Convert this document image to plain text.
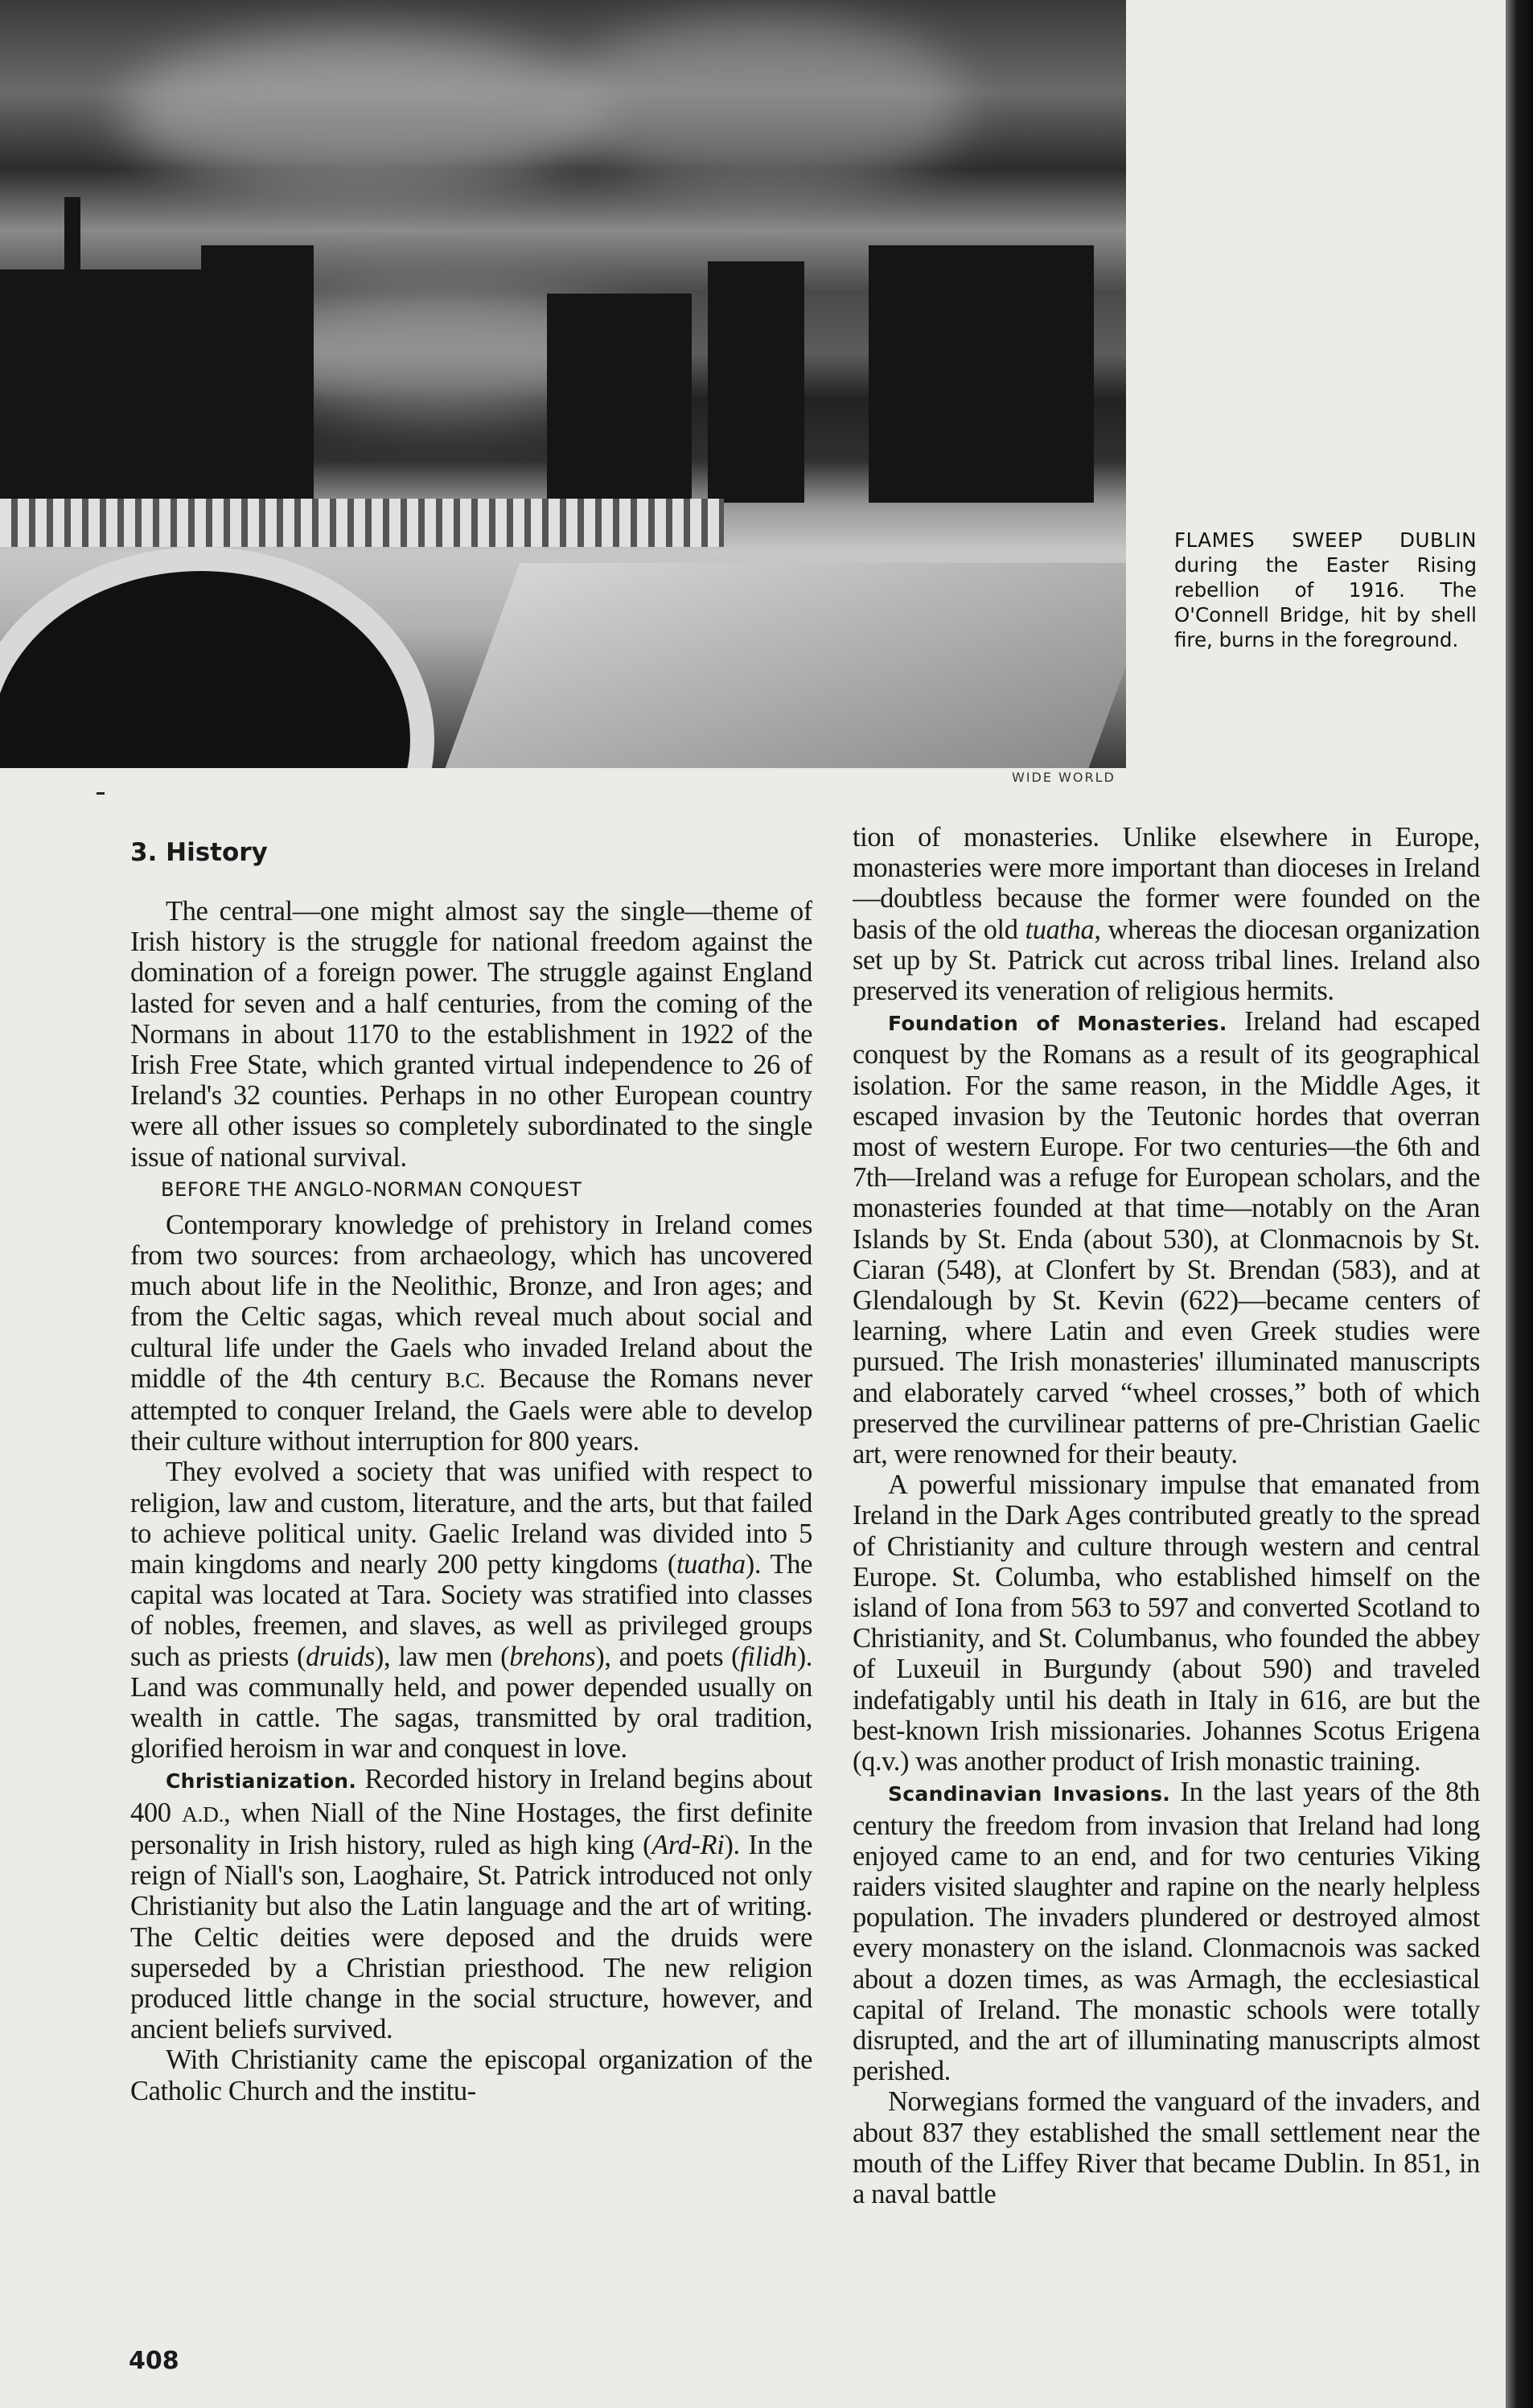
WIDE WORLD
FLAMES SWEEP DUBLIN during the Easter Rising rebellion of 1916. The O'Connell Bridge, hit by shell fire, burns in the foreground.
3. History

The central—one might almost say the single—theme of Irish history is the struggle for national freedom against the domination of a foreign power. The struggle against England lasted for seven and a half centuries, from the coming of the Normans in about 1170 to the establishment in 1922 of the Irish Free State, which granted virtual independence to 26 of Ireland's 32 counties. Perhaps in no other European country were all other issues so completely subordinated to the single issue of national survival.

BEFORE THE ANGLO-NORMAN CONQUEST

Contemporary knowledge of prehistory in Ireland comes from two sources: from archaeology, which has uncovered much about life in the Neolithic, Bronze, and Iron ages; and from the Celtic sagas, which reveal much about social and cultural life under the Gaels who invaded Ireland about the middle of the 4th century B.C. Because the Romans never attempted to conquer Ireland, the Gaels were able to develop their culture without interruption for 800 years.

They evolved a society that was unified with respect to religion, law and custom, literature, and the arts, but that failed to achieve political unity. Gaelic Ireland was divided into 5 main kingdoms and nearly 200 petty kingdoms (tuatha). The capital was located at Tara. Society was stratified into classes of nobles, freemen, and slaves, as well as privileged groups such as priests (druids), law men (brehons), and poets (filidh). Land was communally held, and power depended usually on wealth in cattle. The sagas, transmitted by oral tradition, glorified heroism in war and conquest in love.

Christianization. Recorded history in Ireland begins about 400 A.D., when Niall of the Nine Hostages, the first definite personality in Irish history, ruled as high king (Ard-Ri). In the reign of Niall's son, Laoghaire, St. Patrick introduced not only Christianity but also the Latin language and the art of writing. The Celtic deities were deposed and the druids were superseded by a Christian priesthood. The new religion produced little change in the social structure, however, and ancient beliefs survived.

With Christianity came the episcopal organization of the Catholic Church and the institu-

tion of monasteries. Unlike elsewhere in Europe, monasteries were more important than dioceses in Ireland—doubtless because the former were founded on the basis of the old tuatha, whereas the diocesan organization set up by St. Patrick cut across tribal lines. Ireland also preserved its veneration of religious hermits.

Foundation of Monasteries. Ireland had escaped conquest by the Romans as a result of its geographical isolation. For the same reason, in the Middle Ages, it escaped invasion by the Teutonic hordes that overran most of western Europe. For two centuries—the 6th and 7th—Ireland was a refuge for European scholars, and the monasteries founded at that time—notably on the Aran Islands by St. Enda (about 530), at Clonmacnois by St. Ciaran (548), at Clonfert by St. Brendan (583), and at Glendalough by St. Kevin (622)—became centers of learning, where Latin and even Greek studies were pursued. The Irish monasteries' illuminated manuscripts and elaborately carved “wheel crosses,” both of which preserved the curvilinear patterns of pre-Christian Gaelic art, were renowned for their beauty.

A powerful missionary impulse that emanated from Ireland in the Dark Ages contributed greatly to the spread of Christianity and culture through western and central Europe. St. Columba, who established himself on the island of Iona from 563 to 597 and converted Scotland to Christianity, and St. Columbanus, who founded the abbey of Luxeuil in Burgundy (about 590) and traveled indefatigably until his death in Italy in 616, are but the best-known Irish missionaries. Johannes Scotus Erigena (q.v.) was another product of Irish monastic training.

Scandinavian Invasions. In the last years of the 8th century the freedom from invasion that Ireland had long enjoyed came to an end, and for two centuries Viking raiders visited slaughter and rapine on the nearly helpless population. The invaders plundered or destroyed almost every monastery on the island. Clonmacnois was sacked about a dozen times, as was Armagh, the ecclesiastical capital of Ireland. The monastic schools were totally disrupted, and the art of illuminating manuscripts almost perished.

Norwegians formed the vanguard of the invaders, and about 837 they established the small settlement near the mouth of the Liffey River that became Dublin. In 851, in a naval battle

408
